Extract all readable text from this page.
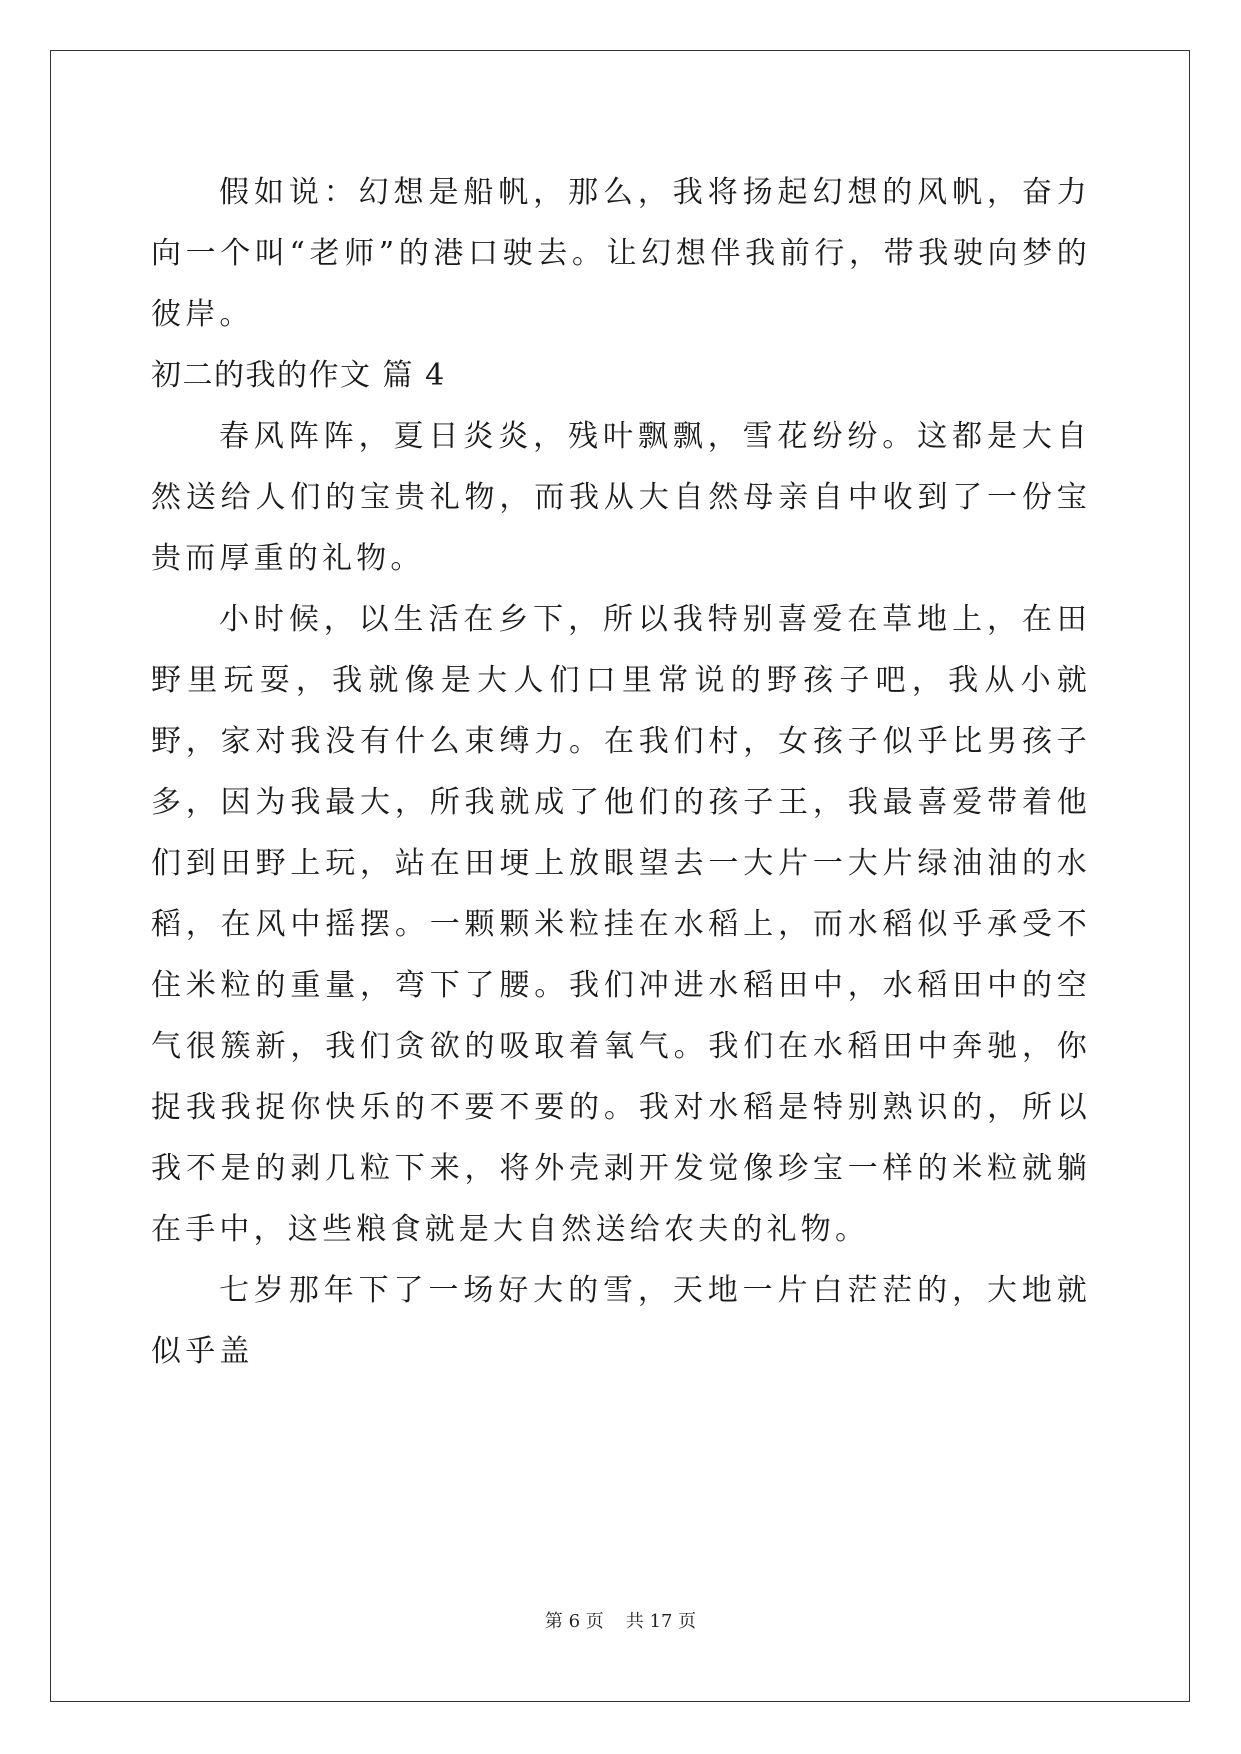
假如说：幻想是船帆，那么，我将扬起幻想的风帆，奋力向一个叫“老师”的港口驶去。让幻想伴我前行，带我驶向梦的彼岸。

初二的我的作文 篇 4

春风阵阵，夏日炎炎，残叶飘飘，雪花纷纷。这都是大自然送给人们的宝贵礼物，而我从大自然母亲自中收到了一份宝贵而厚重的礼物。

小时候，以生活在乡下，所以我特别喜爱在草地上，在田野里玩耍，我就像是大人们口里常说的野孩子吧，我从小就野，家对我没有什么束缚力。在我们村，女孩子似乎比男孩子多，因为我最大，所我就成了他们的孩子王，我最喜爱带着他们到田野上玩，站在田埂上放眼望去一大片一大片绿油油的水稻，在风中摇摆。一颗颗米粒挂在水稻上，而水稻似乎承受不住米粒的重量，弯下了腰。我们冲进水稻田中，水稻田中的空气很簇新，我们贪欲的吸取着氧气。我们在水稻田中奔驰，你捉我我捉你快乐的不要不要的。我对水稻是特别熟识的，所以我不是的剥几粒下来，将外壳剥开发觉像珍宝一样的米粒就躺在手中，这些粮食就是大自然送给农夫的礼物。

七岁那年下了一场好大的雪，天地一片白茫茫的，大地就似乎盖

第 6 页 共 17 页
